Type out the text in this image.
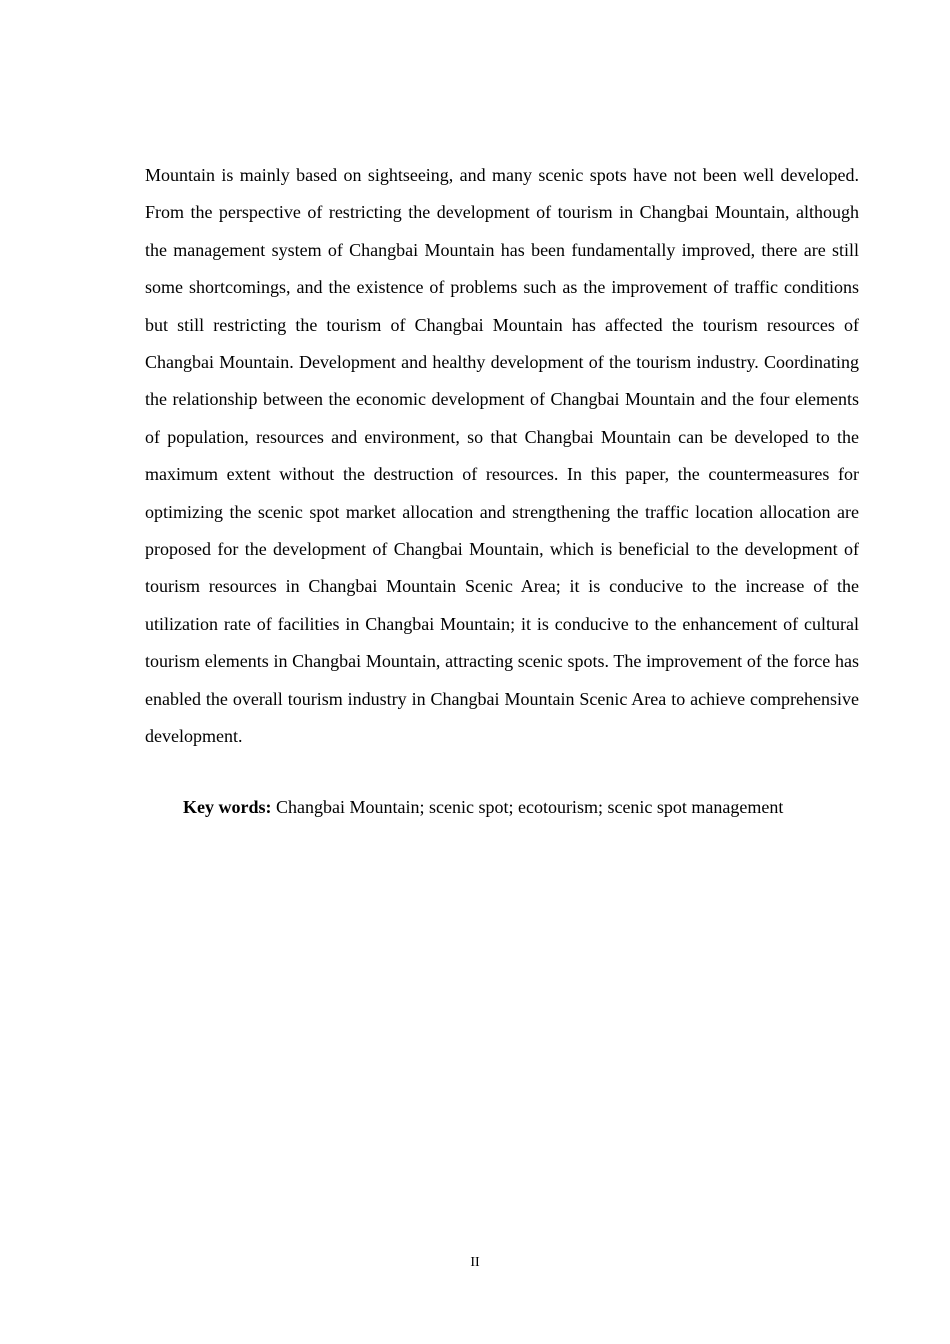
Mountain is mainly based on sightseeing, and many scenic spots have not been well developed. From the perspective of restricting the development of tourism in Changbai Mountain, although the management system of Changbai Mountain has been fundamentally improved, there are still some shortcomings, and the existence of problems such as the improvement of traffic conditions but still restricting the tourism of Changbai Mountain has affected the tourism resources of Changbai Mountain. Development and healthy development of the tourism industry. Coordinating the relationship between the economic development of Changbai Mountain and the four elements of population, resources and environment, so that Changbai Mountain can be developed to the maximum extent without the destruction of resources. In this paper, the countermeasures for optimizing the scenic spot market allocation and strengthening the traffic location allocation are proposed for the development of Changbai Mountain, which is beneficial to the development of tourism resources in Changbai Mountain Scenic Area; it is conducive to the increase of the utilization rate of facilities in Changbai Mountain; it is conducive to the enhancement of cultural tourism elements in Changbai Mountain, attracting scenic spots. The improvement of the force has enabled the overall tourism industry in Changbai Mountain Scenic Area to achieve comprehensive development.

Key words: Changbai Mountain; scenic spot; ecotourism; scenic spot management

II
